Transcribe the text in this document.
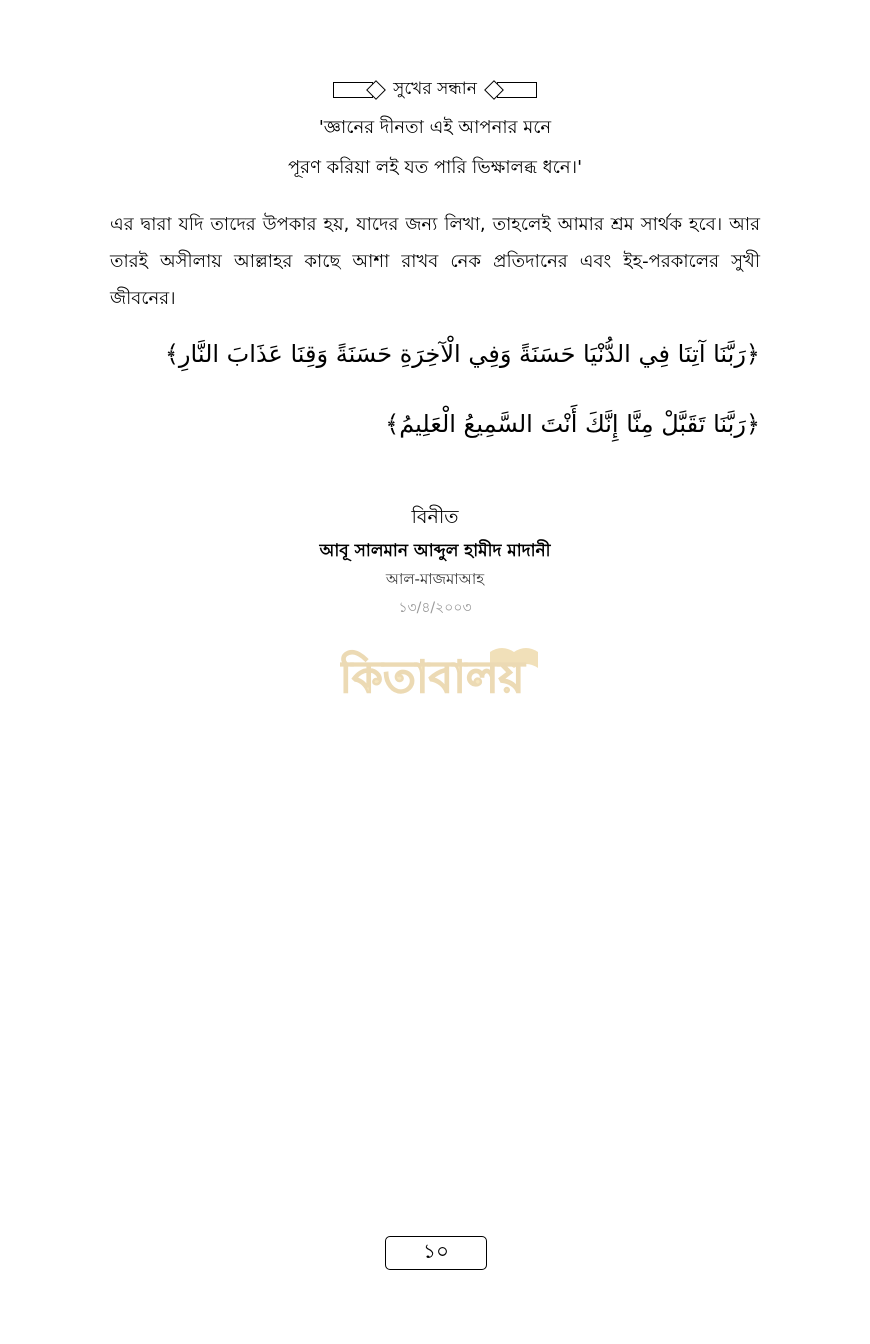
সুখের সন্ধান
'জ্ঞানের দীনতা এই আপনার মনে
পূরণ করিয়া লই যত পারি ভিক্ষালব্ধ ধনে।'
এর দ্বারা যদি তাদের উপকার হয়, যাদের জন্য লিখা, তাহলেই আমার শ্রম সার্থক হবে। আর তারই অসীলায় আল্লাহর কাছে আশা রাখব নেক প্রতিদানের এবং ইহ-পরকালের সুখী জীবনের।
﴿رَبَّنَا آتِنَا فِي الدُّنْيَا حَسَنَةً وَفِي الْآخِرَةِ حَسَنَةً وَقِنَا عَذَابَ النَّارِ﴾
﴿رَبَّنَا تَقَبَّلْ مِنَّا إِنَّكَ أَنْتَ السَّمِيعُ الْعَلِيمُ﴾
বিনীত
আবূ সালমান আব্দুল হামীদ মাদানী
আল-মাজমাআহ
১৩/৪/২০০৩
কিতাবালয়
১০
